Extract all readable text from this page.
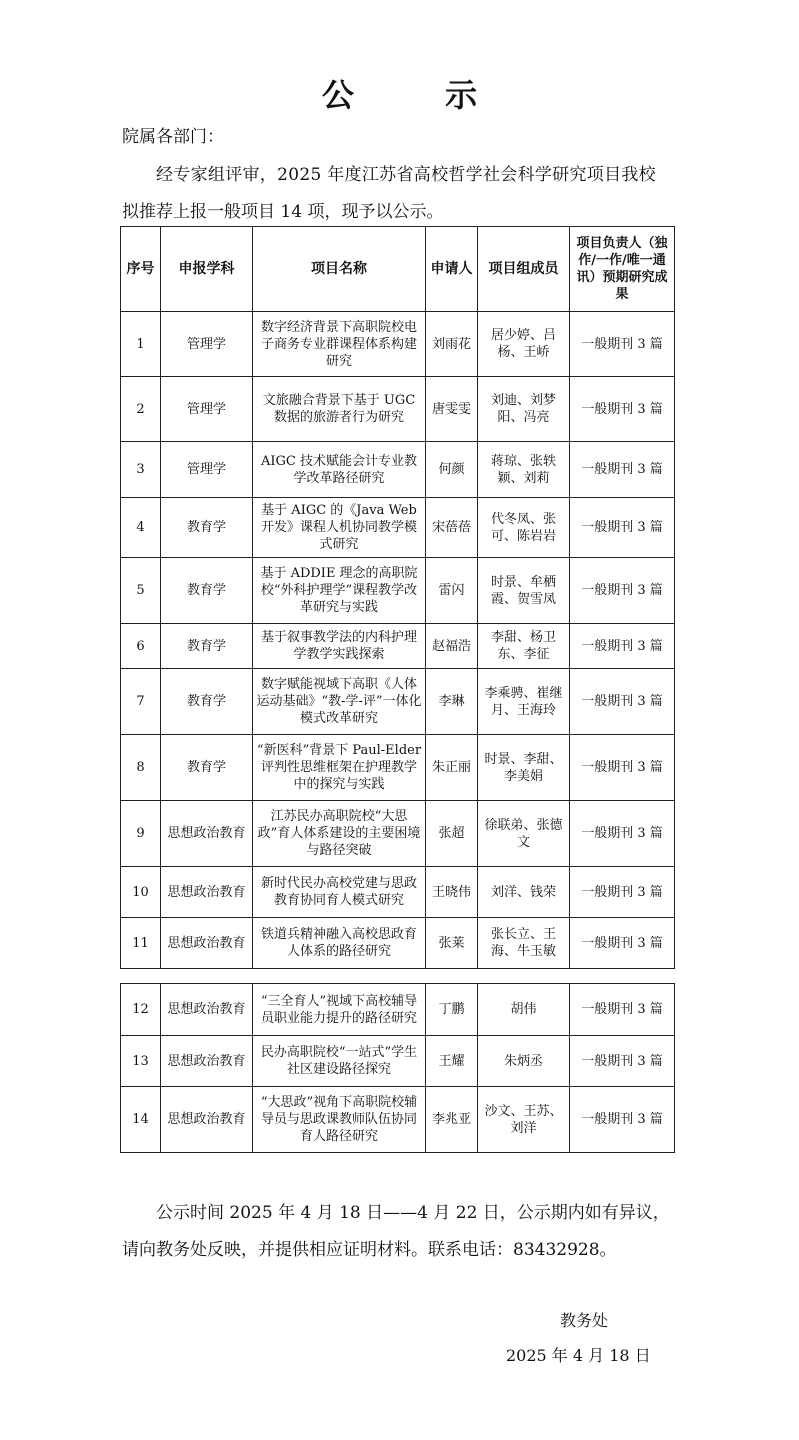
公 示
院属各部门：
经专家组评审，2025 年度江苏省高校哲学社会科学研究项目我校
拟推荐上报一般项目 14 项，现予以公示。
序号	申报学科	项目名称	申请人	项目组成员	项目负责人（独作/一作/唯一通讯）预期研究成果
1	管理学	数字经济背景下高职院校电子商务专业群课程体系构建研究	刘雨花	居少婷、吕杨、王峤	一般期刊 3 篇
2	管理学	文旅融合背景下基于 UGC 数据的旅游者行为研究	唐雯雯	刘迪、刘梦阳、冯亮	一般期刊 3 篇
3	管理学	AIGC 技术赋能会计专业教学改革路径研究	何颜	蒋琼、张轶颖、刘莉	一般期刊 3 篇
4	教育学	基于 AIGC 的《Java Web 开发》课程人机协同教学模式研究	宋蓓蓓	代冬凤、张可、陈岩岩	一般期刊 3 篇
5	教育学	基于 ADDIE 理念的高职院校“外科护理学”课程教学改革研究与实践	雷闪	时景、牟栖霞、贺雪凤	一般期刊 3 篇
6	教育学	基于叙事教学法的内科护理学教学实践探索	赵福浩	李甜、杨卫东、李征	一般期刊 3 篇
7	教育学	数字赋能视域下高职《人体运动基础》“教-学-评”一体化模式改革研究	李琳	李乘骋、崔继月、王海玲	一般期刊 3 篇
8	教育学	“新医科”背景下 Paul-Elder 评判性思维框架在护理教学中的探究与实践	朱正丽	时景、李甜、李美娟	一般期刊 3 篇
9	思想政治教育	江苏民办高职院校“大思政”育人体系建设的主要困境与路径突破	张超	徐联弟、张德文	一般期刊 3 篇
10	思想政治教育	新时代民办高校党建与思政教育协同育人模式研究	王晓伟	刘洋、钱荣	一般期刊 3 篇
11	思想政治教育	铁道兵精神融入高校思政育人体系的路径研究	张莱	张长立、王海、牛玉敏	一般期刊 3 篇
12	思想政治教育	“三全育人”视域下高校辅导员职业能力提升的路径研究	丁鹏	胡伟	一般期刊 3 篇
13	思想政治教育	民办高职院校“一站式”学生社区建设路径探究	王耀	朱炳丞	一般期刊 3 篇
14	思想政治教育	“大思政”视角下高职院校辅导员与思政课教师队伍协同育人路径研究	李兆亚	沙文、王苏、刘洋	一般期刊 3 篇
公示时间 2025 年 4 月 18 日——4 月 22 日，公示期内如有异议，
请向教务处反映，并提供相应证明材料。联系电话：83432928。
教务处
2025 年 4 月 18 日
